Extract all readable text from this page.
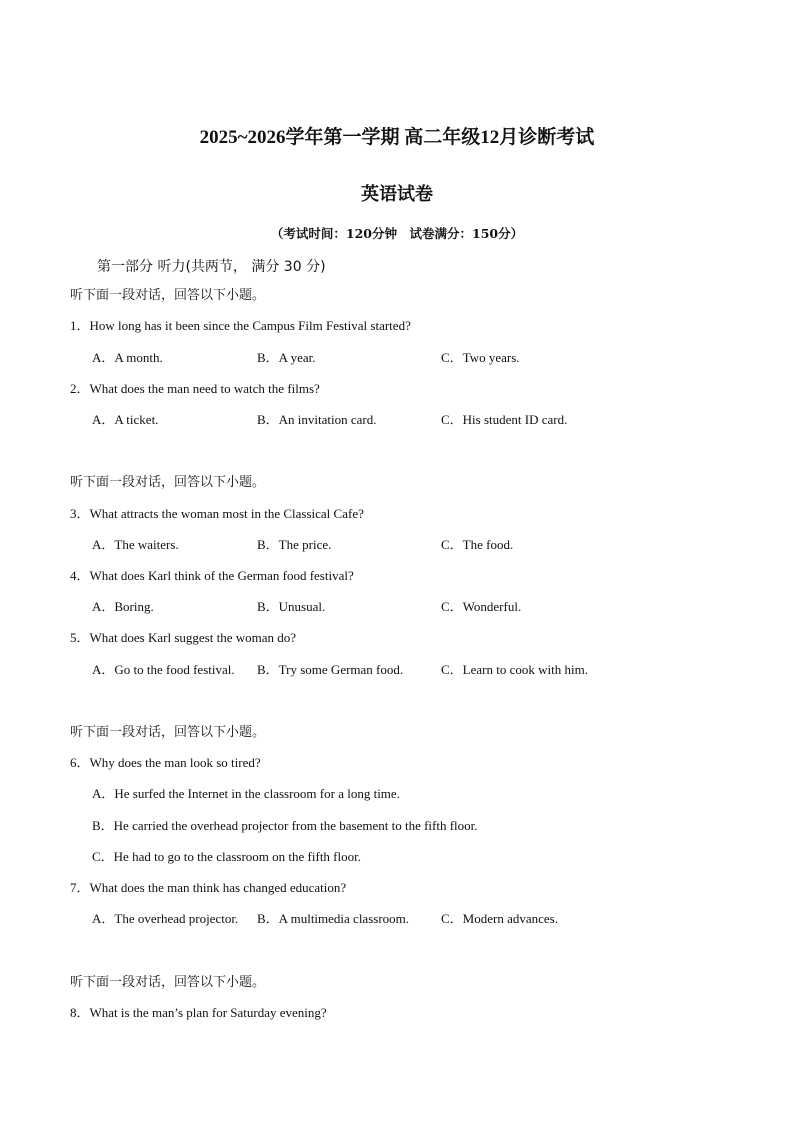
2025~2026学年第一学期 高二年级12月诊断考试
英语试卷

（考试时间：120分钟　试卷满分：150分）

第一部分 听力(共两节， 满分 30 分)

听下面一段对话，回答以下小题。

1．How long has it been since the Campus Film Festival started?

A．A month.	B．A year.	C．Two years.

2．What does the man need to watch the films?

A．A ticket.	B．An invitation card.	C．His student ID card.

听下面一段对话，回答以下小题。

3．What attracts the woman most in the Classical Cafe?

A．The waiters.	B．The price.	C．The food.

4．What does Karl think of the German food festival?

A．Boring.	B．Unusual.	C．Wonderful.

5．What does Karl suggest the woman do?

A．Go to the food festival. B．Try some German food.	C．Learn to cook with him.

听下面一段对话，回答以下小题。

6．Why does the man look so tired?

A．He surfed the Internet in the classroom for a long time.

B．He carried the overhead projector from the basement to the fifth floor.

C．He had to go to the classroom on the fifth floor.

7．What does the man think has changed education?

A．The overhead projector. B．A multimedia classroom. C．Modern advances.

听下面一段对话，回答以下小题。

8．What is the man’s plan for Saturday evening?
